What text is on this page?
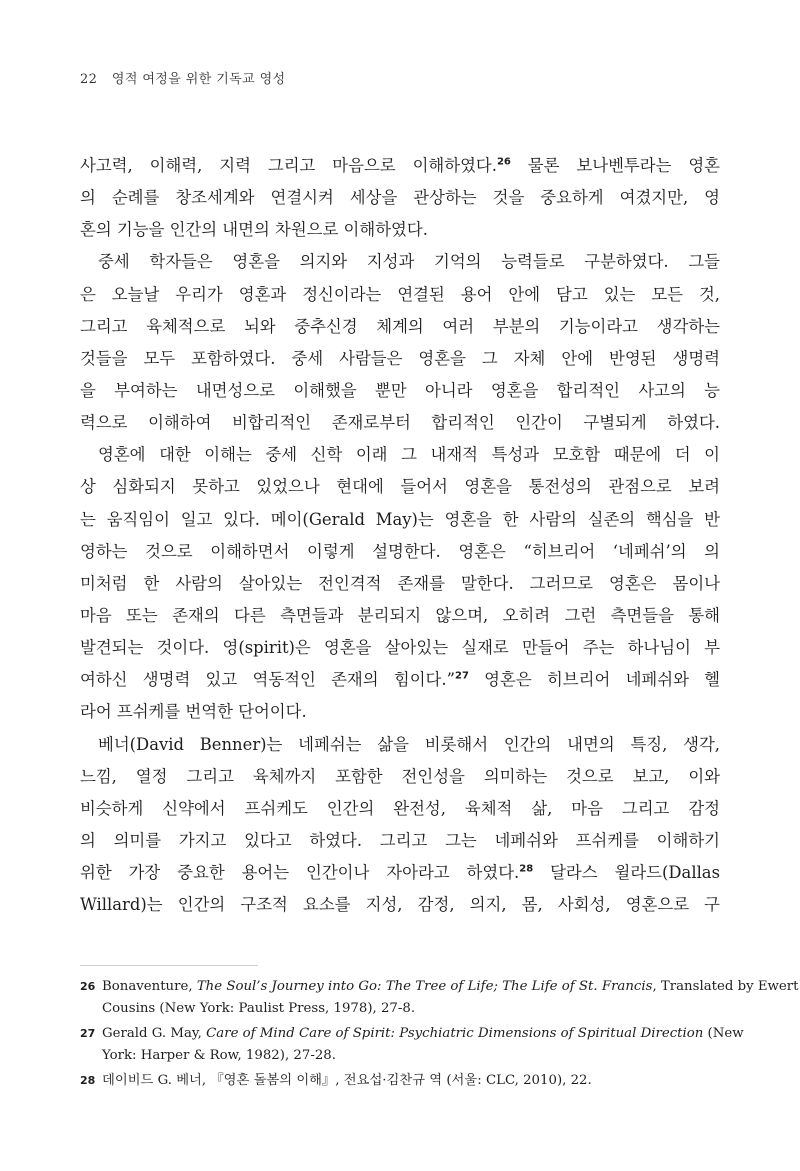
22 영적 여정을 위한 기독교 영성
사고력, 이해력, 지력 그리고 마음으로 이해하였다.$^{26}$ 물론 보나벤투라는 영혼
의 순례를 창조세계와 연결시켜 세상을 관상하는 것을 중요하게 여겼지만, 영
혼의 기능을 인간의 내면의 차원으로 이해하였다.
중세 학자들은 영혼을 의지와 지성과 기억의 능력들로 구분하였다. 그들
은 오늘날 우리가 영혼과 정신이라는 연결된 용어 안에 담고 있는 모든 것,
그리고 육체적으로 뇌와 중추신경 체계의 여러 부분의 기능이라고 생각하는
것들을 모두 포함하였다. 중세 사람들은 영혼을 그 자체 안에 반영된 생명력
을 부여하는 내면성으로 이해했을 뿐만 아니라 영혼을 합리적인 사고의 능
력으로 이해하여 비합리적인 존재로부터 합리적인 인간이 구별되게 하였다.
영혼에 대한 이해는 중세 신학 이래 그 내재적 특성과 모호함 때문에 더 이
상 심화되지 못하고 있었으나 현대에 들어서 영혼을 통전성의 관점으로 보려
는 움직임이 일고 있다. 메이(Gerald May)는 영혼을 한 사람의 실존의 핵심을 반
영하는 것으로 이해하면서 이렇게 설명한다. 영혼은 “히브리어 ‘네페쉬’의 의
미처럼 한 사람의 살아있는 전인격적 존재를 말한다. 그러므로 영혼은 몸이나
마음 또는 존재의 다른 측면들과 분리되지 않으며, 오히려 그런 측면들을 통해
발견되는 것이다. 영(spirit)은 영혼을 살아있는 실재로 만들어 주는 하나님이 부
여하신 생명력 있고 역동적인 존재의 힘이다.”$^{27}$ 영혼은 히브리어 네페쉬와 헬
라어 프쉬케를 번역한 단어이다.
베너(David Benner)는 네페쉬는 삶을 비롯해서 인간의 내면의 특징, 생각,
느낌, 열정 그리고 육체까지 포함한 전인성을 의미하는 것으로 보고, 이와
비슷하게 신약에서 프쉬케도 인간의 완전성, 육체적 삶, 마음 그리고 감정
의 의미를 가지고 있다고 하였다. 그리고 그는 네페쉬와 프쉬케를 이해하기
위한 가장 중요한 용어는 인간이나 자아라고 하였다.$^{28}$ 달라스 윌라드(Dallas
Willard)는 인간의 구조적 요소를 지성, 감정, 의지, 몸, 사회성, 영혼으로 구
26 Bonaventure, The Soul’s Journey into Go: The Tree of Life; The Life of St. Francis, Translated by Ewert
Cousins (New York: Paulist Press, 1978), 27-8.
27 Gerald G. May, Care of Mind Care of Spirit: Psychiatric Dimensions of Spiritual Direction (New
York: Harper & Row, 1982), 27-28.
28 데이비드 G. 베너, 『영혼 돌봄의 이해』, 전요섭·김찬규 역 (서울: CLC, 2010), 22.
